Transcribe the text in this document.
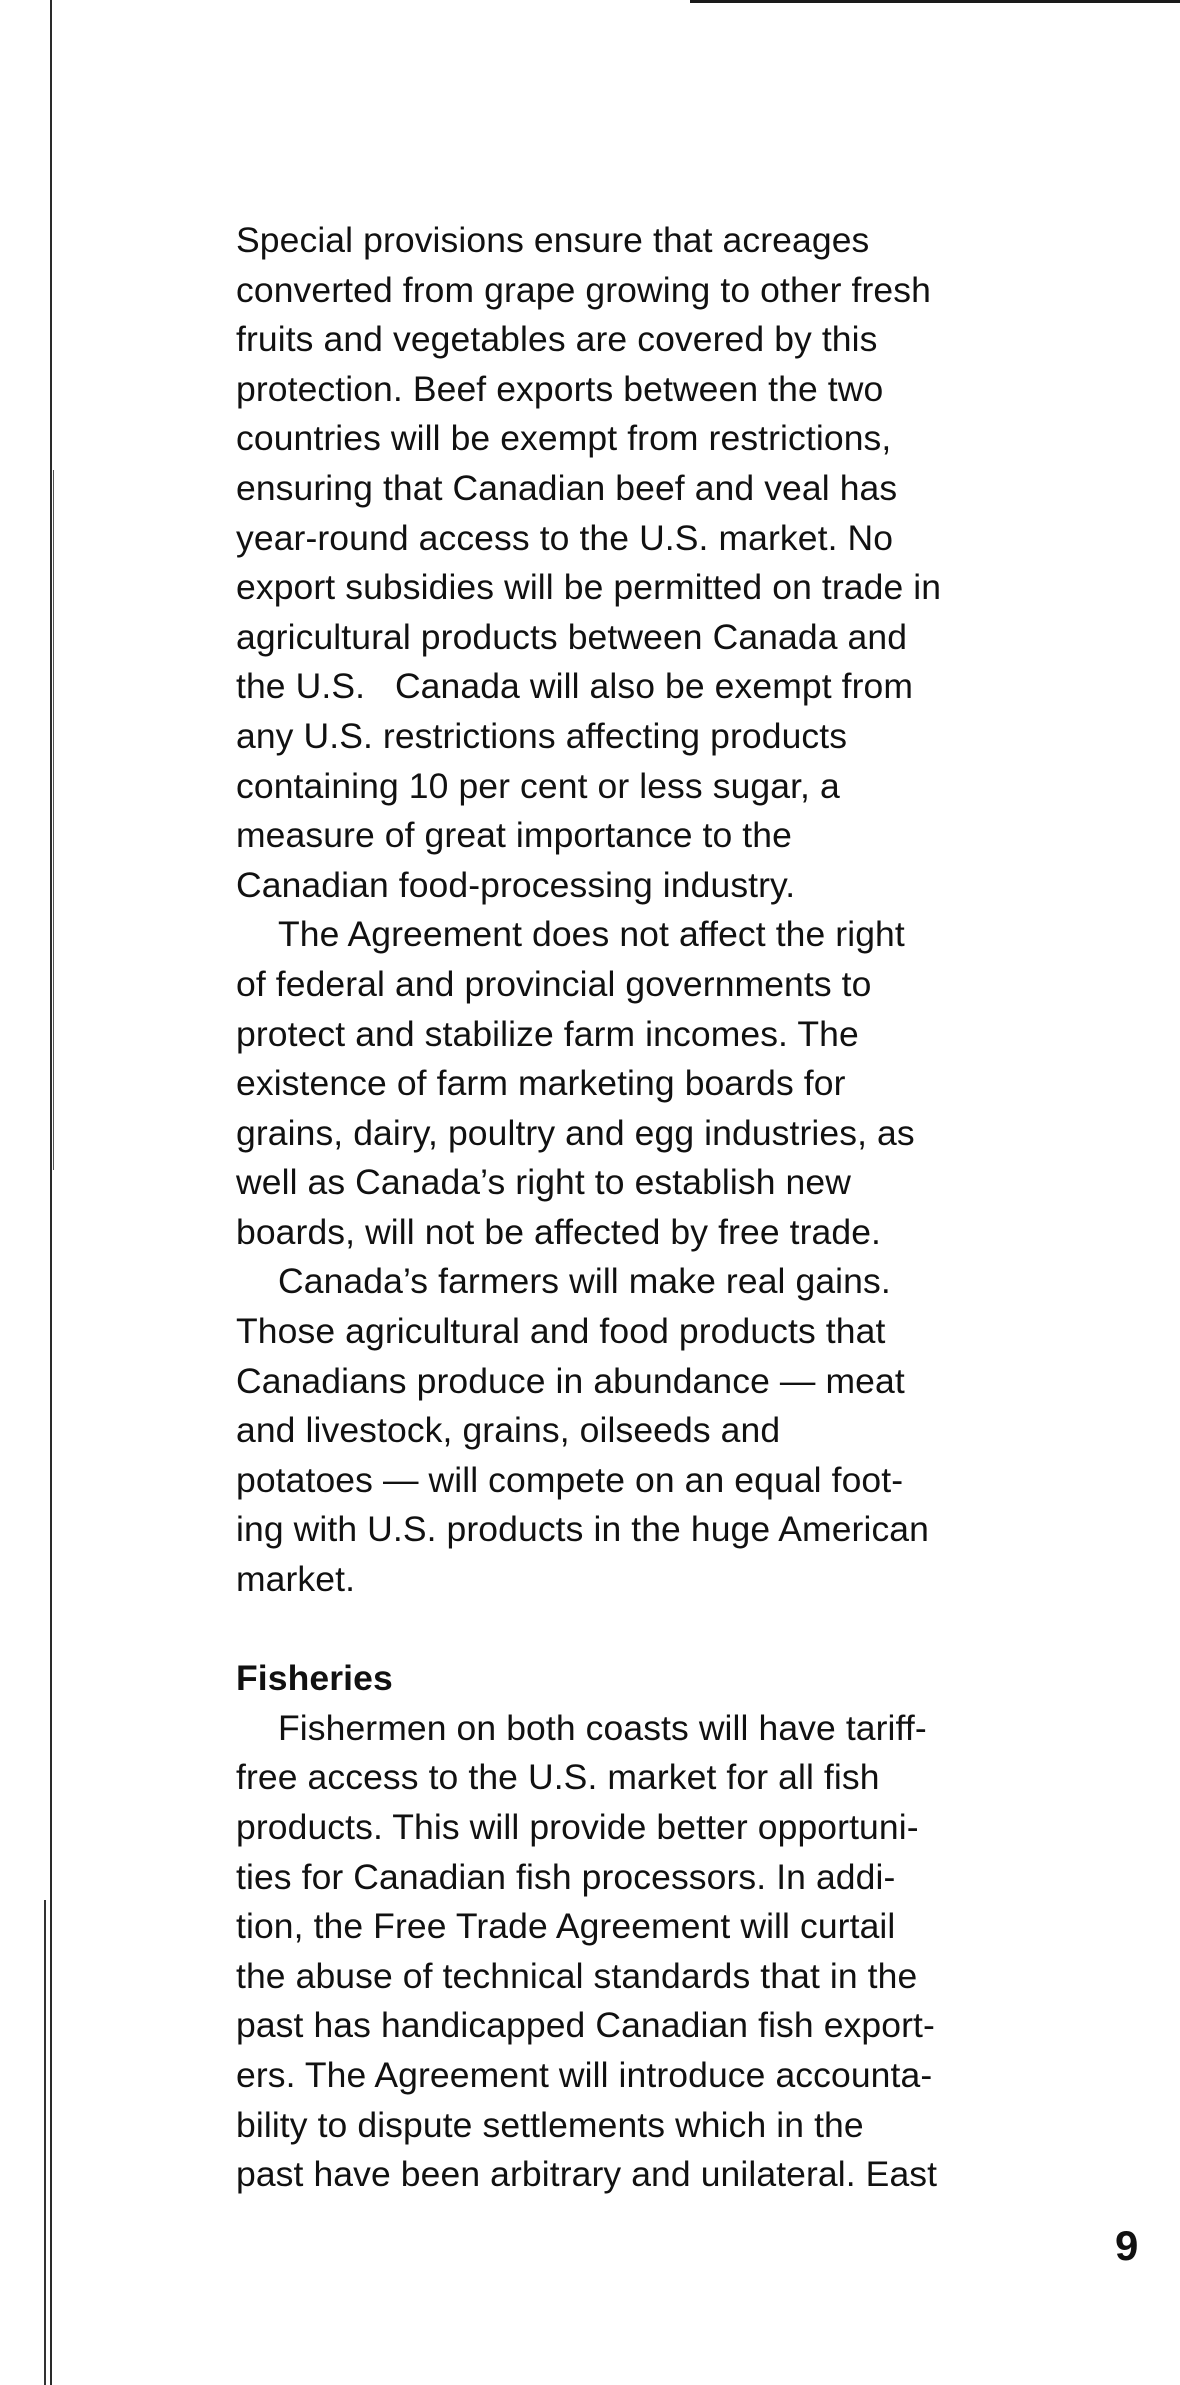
Special provisions ensure that acreages
converted from grape growing to other fresh
fruits and vegetables are covered by this
protection. Beef exports between the two
countries will be exempt from restrictions,
ensuring that Canadian beef and veal has
year-round access to the U.S. market. No
export subsidies will be permitted on trade in
agricultural products between Canada and
the U.S.   Canada will also be exempt from
any U.S. restrictions affecting products
containing 10 per cent or less sugar, a
measure of great importance to the
Canadian food-processing industry.
The Agreement does not affect the right
of federal and provincial governments to
protect and stabilize farm incomes. The
existence of farm marketing boards for
grains, dairy, poultry and egg industries, as
well as Canada’s right to establish new
boards, will not be affected by free trade.
Canada’s farmers will make real gains.
Those agricultural and food products that
Canadians produce in abundance — meat
and livestock, grains, oilseeds and
potatoes — will compete on an equal foot-
ing with U.S. products in the huge American
market.
Fisheries
Fishermen on both coasts will have tariff-
free access to the U.S. market for all fish
products. This will provide better opportuni-
ties for Canadian fish processors. In addi-
tion, the Free Trade Agreement will curtail
the abuse of technical standards that in the
past has handicapped Canadian fish export-
ers. The Agreement will introduce accounta-
bility to dispute settlements which in the
past have been arbitrary and unilateral. East
9
